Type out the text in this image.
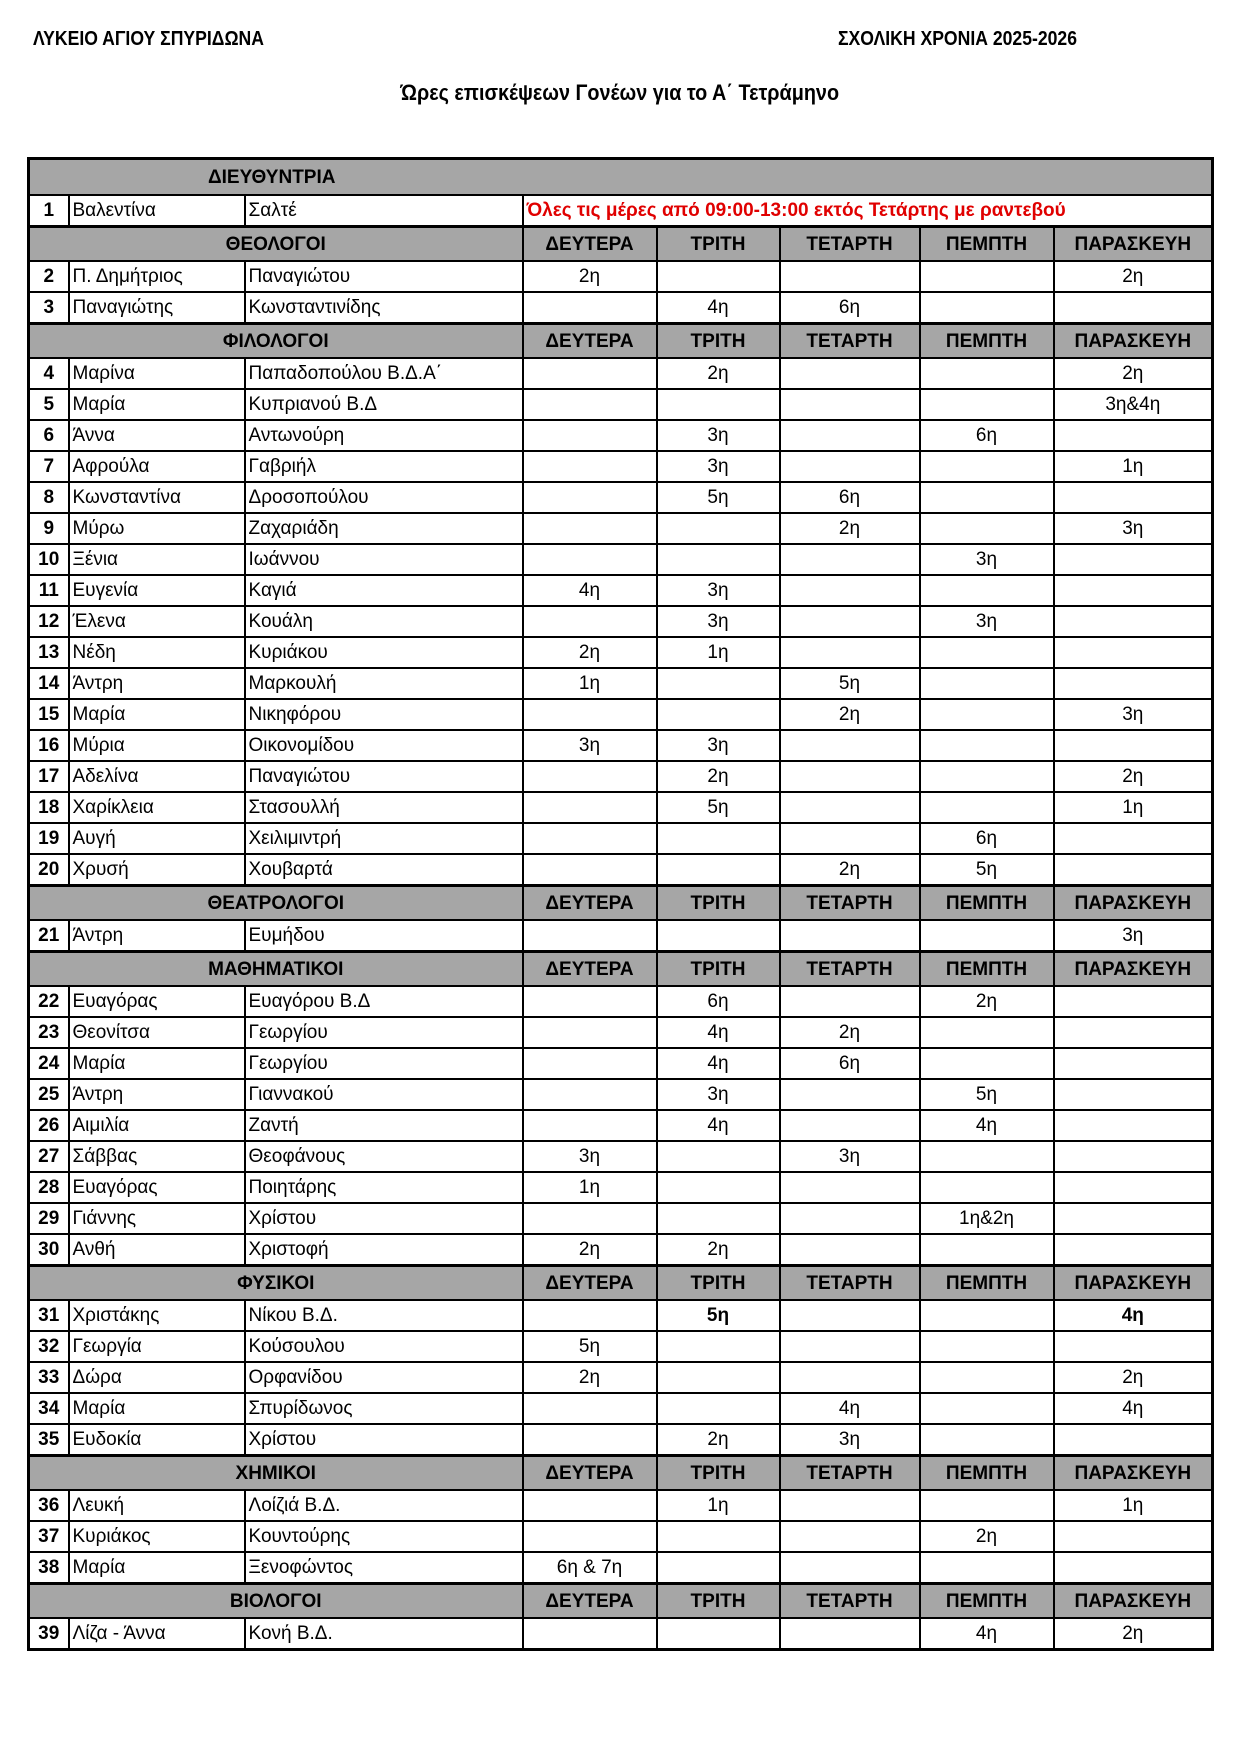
ΛΥΚΕΙΟ ΑΓΙΟΥ ΣΠΥΡΙΔΩΝΑ	ΣΧΟΛΙΚΗ ΧΡΟΝΙΑ 2025-2026
Ώρες επισκέψεων Γονέων για το Α΄ Τετράμηνο
ΔΙΕΥΘΥΝΤΡΙΑ							
1	Βαλεντίνα	Σαλτέ	Όλες τις μέρες από 09:00-13:00 εκτός Τετάρτης με ραντεβού				
ΘΕΟΛΟΓΟΙ			ΔΕΥΤΕΡΑ	ΤΡΙΤΗ	ΤΕΤΑΡΤΗ	ΠΕΜΠΤΗ	ΠΑΡΑΣΚΕΥΗ
2	Π. Δημήτριος	Παναγιώτου	2η				2η
3	Παναγιώτης	Κωνσταντινίδης		4η	6η		
ΦΙΛΟΛΟΓΟΙ			ΔΕΥΤΕΡΑ	ΤΡΙΤΗ	ΤΕΤΑΡΤΗ	ΠΕΜΠΤΗ	ΠΑΡΑΣΚΕΥΗ
4	Μαρίνα	Παπαδοπούλου Β.Δ.Α΄		2η			2η
5	Μαρία	Κυπριανού Β.Δ					3η&4η
6	Άννα	Αντωνούρη		3η		6η	
7	Αφρούλα	Γαβριήλ		3η			1η
8	Κωνσταντίνα	Δροσοπούλου		5η	6η		
9	Μύρω	Ζαχαριάδη			2η		3η
10	Ξένια	Ιωάννου				3η	
11	Ευγενία	Καγιά	4η	3η			
12	Έλενα	Κουάλη		3η		3η	
13	Νέδη	Κυριάκου	2η	1η			
14	Άντρη	Μαρκουλή	1η		5η		
15	Μαρία	Νικηφόρου			2η		3η
16	Μύρια	Οικονομίδου	3η	3η			
17	Αδελίνα	Παναγιώτου		2η			2η
18	Χαρίκλεια	Στασουλλή		5η			1η
19	Αυγή	Χειλιμιντρή				6η	
20	Χρυσή	Χουβαρτά			2η	5η	
ΘΕΑΤΡΟΛΟΓΟΙ			ΔΕΥΤΕΡΑ	ΤΡΙΤΗ	ΤΕΤΑΡΤΗ	ΠΕΜΠΤΗ	ΠΑΡΑΣΚΕΥΗ
21	Άντρη	Ευμήδου					3η
ΜΑΘΗΜΑΤΙΚΟΙ			ΔΕΥΤΕΡΑ	ΤΡΙΤΗ	ΤΕΤΑΡΤΗ	ΠΕΜΠΤΗ	ΠΑΡΑΣΚΕΥΗ
22	Ευαγόρας	Ευαγόρου Β.Δ		6η		2η	
23	Θεονίτσα	Γεωργίου		4η	2η		
24	Μαρία	Γεωργίου		4η	6η		
25	Άντρη	Γιαννακού		3η		5η	
26	Αιμιλία	Ζαντή		4η		4η	
27	Σάββας	Θεοφάνους	3η		3η		
28	Ευαγόρας	Ποιητάρης	1η				
29	Γιάννης	Χρίστου				1η&2η	
30	Ανθή	Χριστοφή	2η	2η			
ΦΥΣΙΚΟΙ			ΔΕΥΤΕΡΑ	ΤΡΙΤΗ	ΤΕΤΑΡΤΗ	ΠΕΜΠΤΗ	ΠΑΡΑΣΚΕΥΗ
31	Χριστάκης	Νίκου Β.Δ.		5η			4η
32	Γεωργία	Κούσουλου	5η				
33	Δώρα	Ορφανίδου	2η				2η
34	Μαρία	Σπυρίδωνος			4η		4η
35	Ευδοκία	Χρίστου		2η	3η		
ΧΗΜΙΚΟΙ			ΔΕΥΤΕΡΑ	ΤΡΙΤΗ	ΤΕΤΑΡΤΗ	ΠΕΜΠΤΗ	ΠΑΡΑΣΚΕΥΗ
36	Λευκή	Λοίζιά Β.Δ.		1η			1η
37	Κυριάκος	Κουντούρης				2η	
38	Μαρία	Ξενοφώντος	6η & 7η				
ΒΙΟΛΟΓΟΙ			ΔΕΥΤΕΡΑ	ΤΡΙΤΗ	ΤΕΤΑΡΤΗ	ΠΕΜΠΤΗ	ΠΑΡΑΣΚΕΥΗ
39	Λίζα - Άννα	Κονή Β.Δ.				4η	2η
